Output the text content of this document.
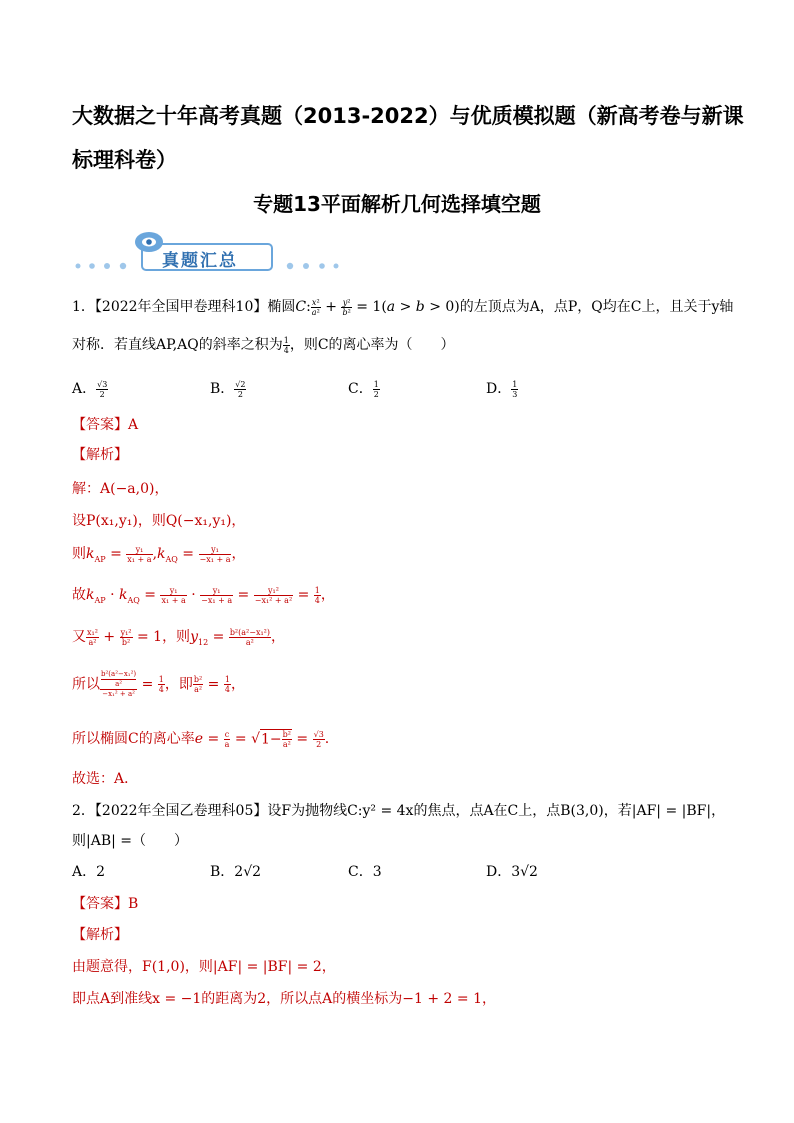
大数据之十年高考真题（2013-2022）与优质模拟题（新高考卷与新课
标理科卷）
专题13平面解析几何选择填空题
真题汇总
1．【2022年全国甲卷理科10】椭圆C: $\frac{\text{x²}}{\text{a²}} + \frac{\text{y²}}{\text{b²}} = 1(a > b > 0)$的左顶点为A，点P，Q均在C上，且关于y轴
对称．若直线AP,AQ的斜率之积为 $\frac{1}{4}$ ，则C的离心率为（　　）
A． $\frac{√3}{2}$	B． $\frac{√2}{2}$	C． $\frac{1}{2}$	D． $\frac{1}{3}$
【答案】A
【解析】
解：A(−a,0)，
设P(x₁,y₁)，则Q(−x₁,y₁)，
则$k_{AP} = \frac{\text{y₁}}{\text{x₁ + a}} ,k_{AQ} = \frac{\text{y₁}}{\text{−x₁ + a}}$ ，
故$k_{AP} \cdot k_{AQ} = \frac{\text{y₁}}{\text{x₁ + a}} \cdot \frac{\text{y₁}}{\text{−x₁ + a}} = \frac{\text{y₁²}}{\text{−x₁² + a²}} = \frac{1}{4}$ ，
又 $\frac{\text{x₁²}}{\text{a²}} + \frac{\text{y₁²}}{\text{b²}} = 1$，则$y_{12} = \frac{\text{b²(a²−x₁²)}}{\text{a²}}$ ，
所以 b²(a²−x₁²)
a²
$-x_1^2 + a^2 = \frac{1}{4}$ ，即 $\frac{\text{b²}}{\text{a²}} = \frac{1}{4}$ ，
所以椭圆C的离心率$e = \frac{c}{a} = √1- \frac{\text{b²}}{\text{a²}} = \frac{√3}{2}$ .
故选：A．
2．【2022年全国乙卷理科05】设F为抛物线C:y² = 4x的焦点，点A在C上，点B(3,0)，若|AF| = |BF|，
则|AB| =（　　）
A．2	B．2√2	C．3	D．3√2
【答案】B
【解析】
由题意得，F(1,0)，则|AF| = |BF| = 2，
即点A到准线x = −1的距离为2，所以点A的横坐标为−1 + 2 = 1，
